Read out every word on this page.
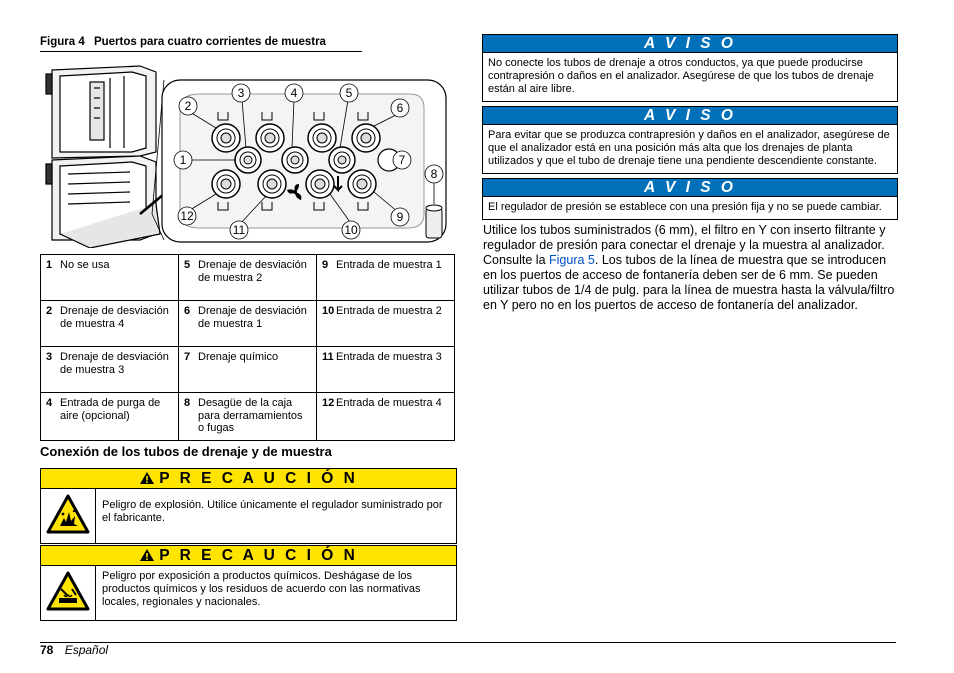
Figura 4 Puertos para cuatro corrientes de muestra
1
2
3	4	5
6
7
8
9
10
11
12
1 No se usa	5 Drenaje de desviación de muestra 2	9 Entrada de muestra 1
2 Drenaje de desviación de muestra 4	6 Drenaje de desviación de muestra 1	10 Entrada de muestra 2
3 Drenaje de desviación de muestra 3	7 Drenaje químico	11 Entrada de muestra 3
4 Entrada de purga de aire (opcional)	8 Desagüe de la caja para derramamientos o fugas	12 Entrada de muestra 4
Conexión de los tubos de drenaje y de muestra
P R E C A U C I Ó N
Peligro de explosión. Utilice únicamente el regulador suministrado por el fabricante.
P R E C A U C I Ó N
Peligro por exposición a productos químicos. Deshágase de los productos químicos y los residuos de acuerdo con las normativas locales, regionales y nacionales.
A V I S O
No conecte los tubos de drenaje a otros conductos, ya que puede producirse contrapresión o daños en el analizador. Asegúrese de que los tubos de drenaje están al aire libre.
A V I S O
Para evitar que se produzca contrapresión y daños en el analizador, asegúrese de que el analizador está en una posición más alta que los drenajes de planta utilizados y que el tubo de drenaje tiene una pendiente descendiente constante.
A V I S O
El regulador de presión se establece con una presión fija y no se puede cambiar.
Utilice los tubos suministrados (6 mm), el filtro en Y con inserto filtrante y regulador de presión para conectar el drenaje y la muestra al analizador. Consulte la Figura 5. Los tubos de la línea de muestra que se introducen en los puertos de acceso de fontanería deben ser de 6 mm. Se pueden utilizar tubos de 1/4 de pulg. para la línea de muestra hasta la válvula/filtro en Y pero no en los puertos de acceso de fontanería del analizador.
78 Español
